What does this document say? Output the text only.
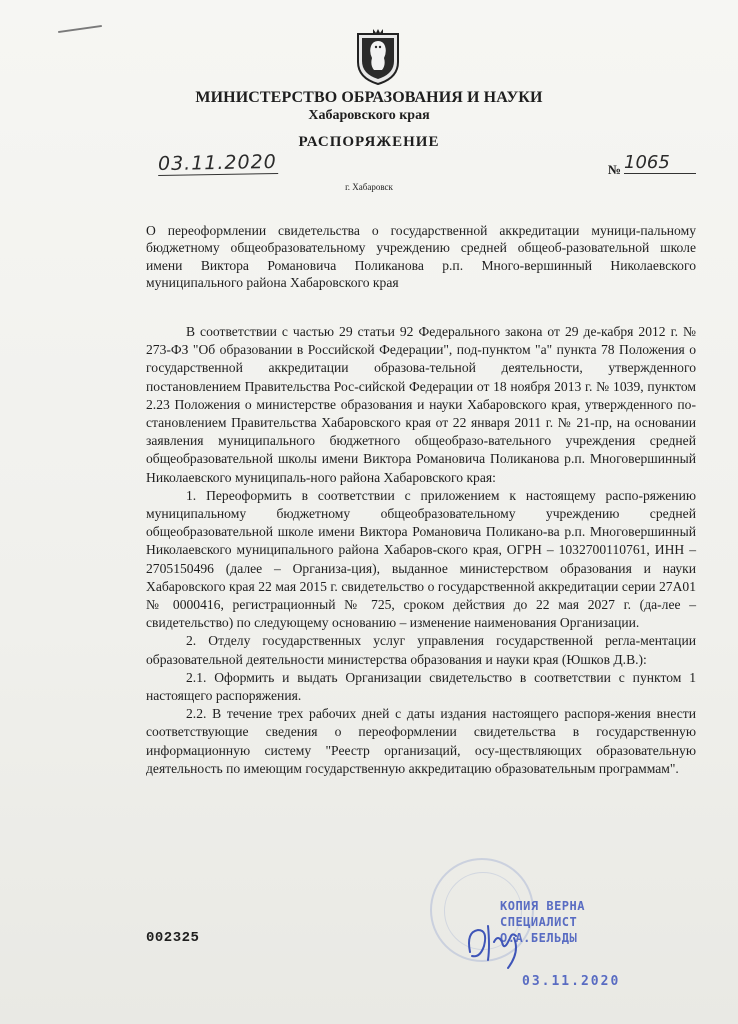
МИНИСТЕРСТВО ОБРАЗОВАНИЯ И НАУКИ
Хабаровского края
РАСПОРЯЖЕНИЕ
03.11.2020	№ 1065
г. Хабаровск
О переоформлении свидетельства о государственной аккредитации муници-пальному бюджетному общеобразовательному учреждению средней общеоб-разовательной школе имени Виктора Романовича Поликанова р.п. Много-вершинный Николаевского муниципального района Хабаровского края

В соответствии с частью 29 статьи 92 Федерального закона от 29 де-кабря 2012 г. № 273-ФЗ "Об образовании в Российской Федерации", под-пунктом "а" пункта 78 Положения о государственной аккредитации образова-тельной деятельности, утвержденного постановлением Правительства Рос-сийской Федерации от 18 ноября 2013 г. № 1039, пунктом 2.23 Положения о министерстве образования и науки Хабаровского края, утвержденного по-становлением Правительства Хабаровского края от 22 января 2011 г. № 21-пр, на основании заявления муниципального бюджетного общеобразо-вательного учреждения средней общеобразовательной школы имени Виктора Романовича Поликанова р.п. Многовершинный Николаевского муниципаль-ного района Хабаровского края:

1. Переоформить в соответствии с приложением к настоящему распо-ряжению муниципальному бюджетному общеобразовательному учреждению средней общеобразовательной школе имени Виктора Романовича Поликано-ва р.п. Многовершинный Николаевского муниципального района Хабаров-ского края, ОГРН – 1032700110761, ИНН – 2705150496 (далее – Организа-ция), выданное министерством образования и науки Хабаровского края 22 мая 2015 г. свидетельство о государственной аккредитации серии 27А01 № 0000416, регистрационный № 725, сроком действия до 22 мая 2027 г. (да-лее – свидетельство) по следующему основанию – изменение наименования Организации.

2. Отделу государственных услуг управления государственной регла-ментации образовательной деятельности министерства образования и науки края (Юшков Д.В.):

2.1. Оформить и выдать Организации свидетельство в соответствии с пунктом 1 настоящего распоряжения.

2.2. В течение трех рабочих дней с даты издания настоящего распоря-жения внести соответствующие сведения о переоформлении свидетельства в государственную информационную систему "Реестр организаций, осу-ществляющих образовательную деятельность по имеющим государственную аккредитацию образовательным программам".

002325
КОПИЯ ВЕРНА
СПЕЦИАЛИСТ
О.А.БЕЛЬДЫ
03.11.2020
